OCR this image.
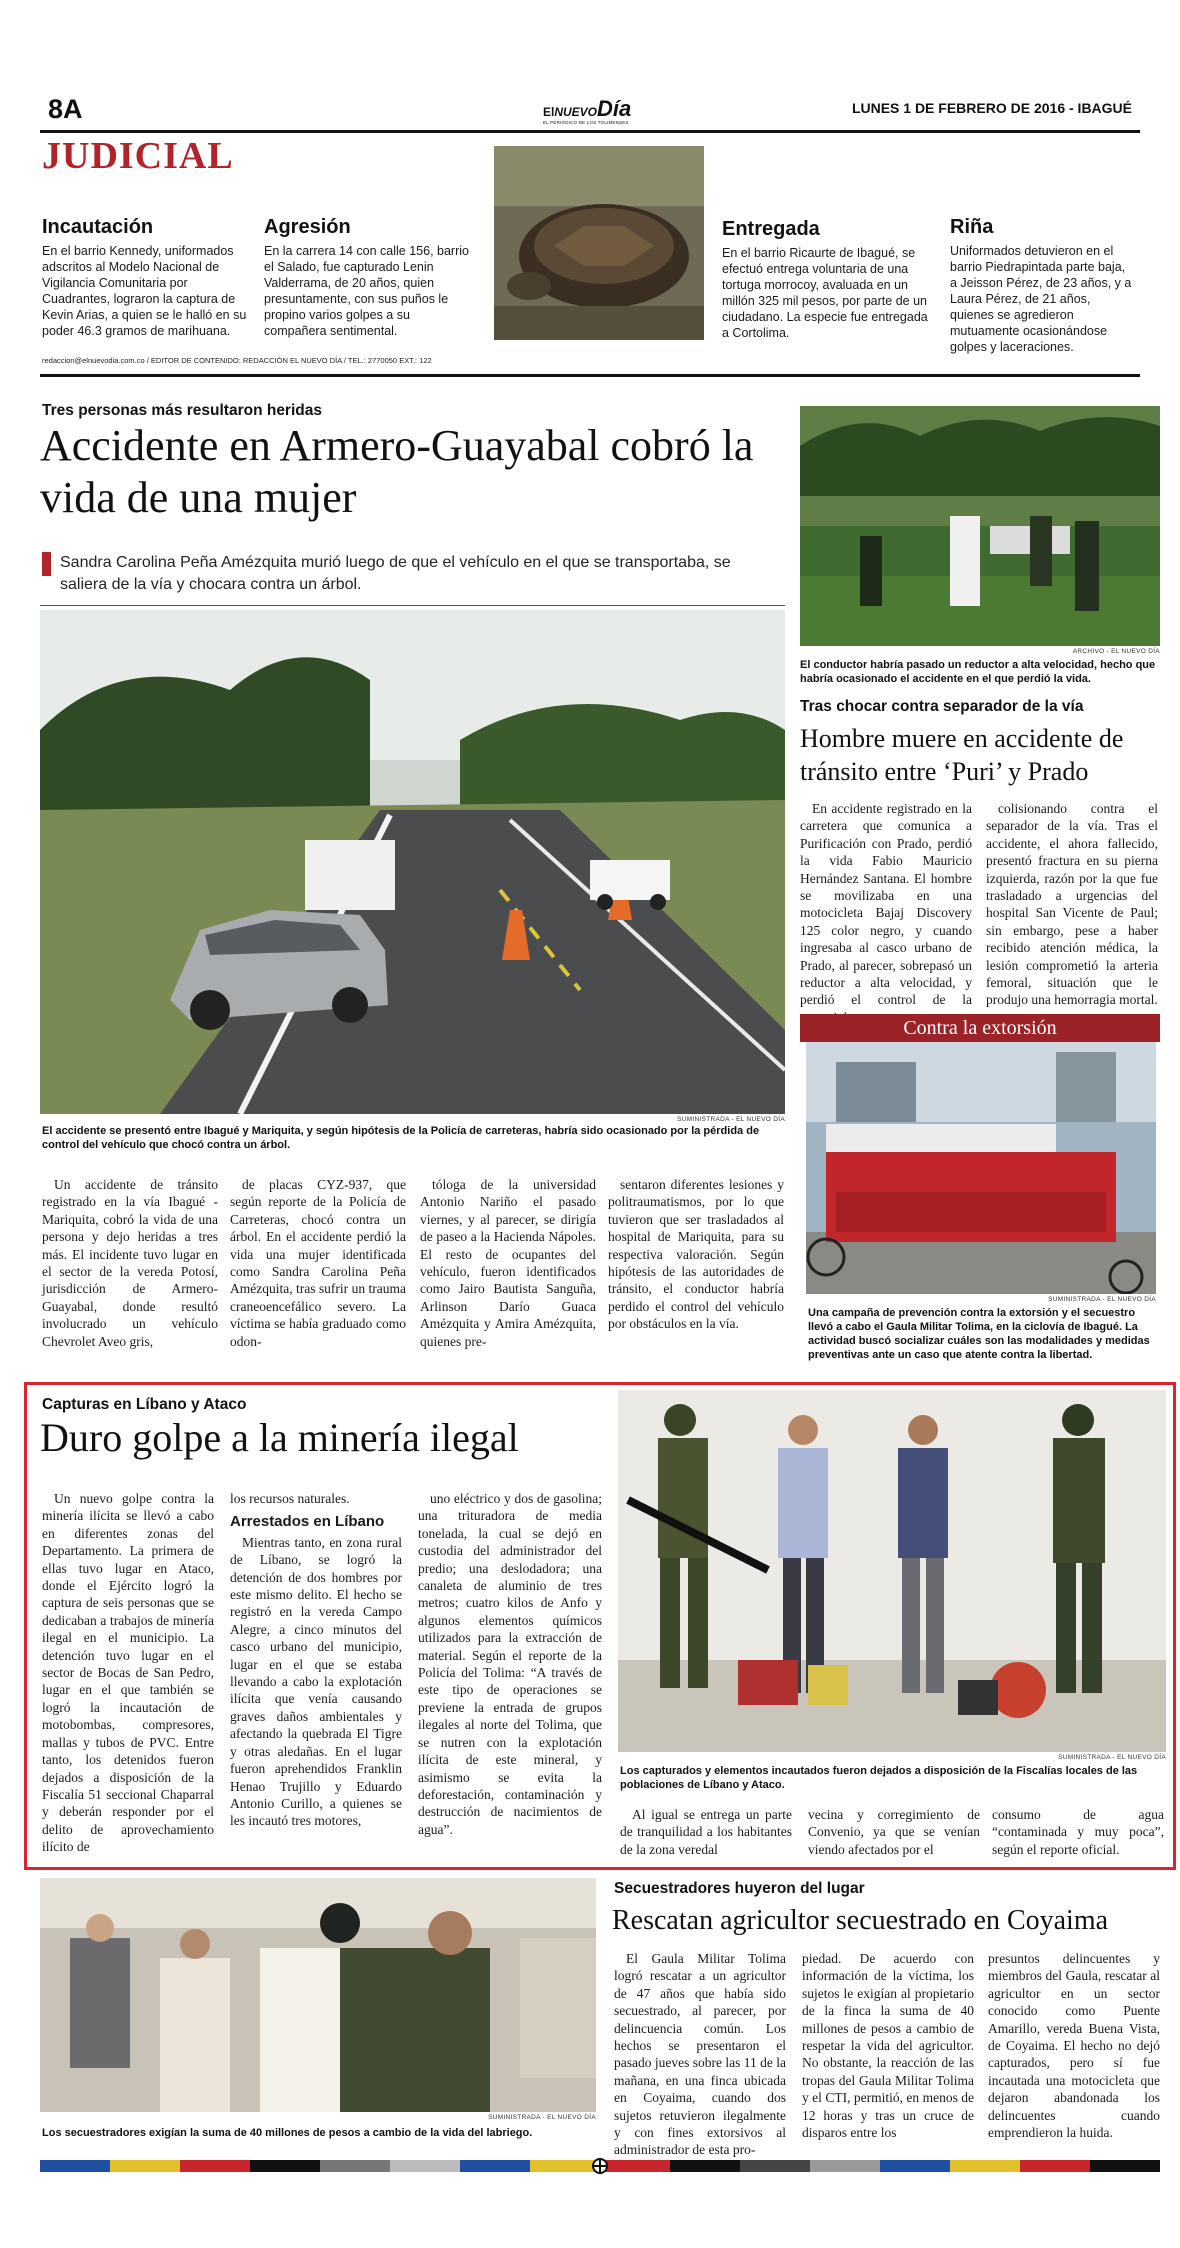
8A	ElNUEVODía
EL PERIÓDICO DE LOS TOLIMENSES
LUNES 1 DE FEBRERO DE 2016 - IBAGUÉ
JUDICIAL
Incautación
En el barrio Kennedy, uniformados adscritos al Modelo Nacional de Vigilancia Comunitaria por Cuadrantes, lograron la captura de Kevin Arias, a quien se le halló en su poder 46.3 gramos de marihuana.
Agresión
En la carrera 14 con calle 156, barrio el Salado, fue capturado Lenin Valderrama, de 20 años, quien presuntamente, con sus puños le propino varios golpes a su compañera sentimental.
Entregada
En el barrio Ricaurte de Ibagué, se efectuó entrega voluntaria de una tortuga morrocoy, avaluada en un millón 325 mil pesos, por parte de un ciudadano. La especie fue entregada a Cortolima.
Riña
Uniformados detuvieron en el barrio Piedrapintada parte baja, a Jeisson Pérez, de 23 años, y a Laura Pérez, de 21 años, quienes se agredieron mutuamente ocasionándose golpes y laceraciones.
redaccion@elnuevodia.com.co / EDITOR DE CONTENIDO: REDACCIÓN EL NUEVO DÍA / TEL.: 2770050 EXT.: 122
Tres personas más resultaron heridas
Accidente en Armero-Guayabal cobró la vida de una mujer
Sandra Carolina Peña Amézquita murió luego de que el vehículo en el que se transportaba, se saliera de la vía y chocara contra un árbol.
SUMINISTRADA - EL NUEVO DÍA
El accidente se presentó entre Ibagué y Mariquita, y según hipótesis de la Policía de carreteras, habría sido ocasionado por la pérdida de control del vehículo que chocó contra un árbol.

Un accidente de tránsito registrado en la vía Ibagué - Mariquita, cobró la vida de una persona y dejo heridas a tres más. El incidente tuvo lugar en el sector de la vereda Potosí, jurisdicción de Armero-Guayabal, donde resultó involucrado un vehículo Chevrolet Aveo gris,

de placas CYZ-937, que según reporte de la Policía de Carreteras, chocó contra un árbol. En el accidente perdió la vida una mujer identificada como Sandra Carolina Peña Amézquita, tras sufrir un trauma craneoencefálico severo. La víctima se había graduado como odon-

tóloga de la universidad Antonio Nariño el pasado viernes, y al parecer, se dirigía de paseo a la Hacienda Nápoles. El resto de ocupantes del vehículo, fueron identificados como Jairo Bautista Sanguña, Arlinson Darío Guaca Amézquita y Amira Amézquita, quienes pre-

sentaron diferentes lesiones y politraumatismos, por lo que tuvieron que ser trasladados al hospital de Mariquita, para su respectiva valoración. Según hipótesis de las autoridades de tránsito, el conductor habría perdido el control del vehículo por obstáculos en la vía.

ARCHIVO - EL NUEVO DÍA
El conductor habría pasado un reductor a alta velocidad, hecho que habría ocasionado el accidente en el que perdió la vida.
Tras chocar contra separador de la vía
Hombre muere en accidente de tránsito entre ‘Puri’ y Prado

En accidente registrado en la carretera que comunica a Purificación con Prado, perdió la vida Fabio Mauricio Hernández Santana. El hombre se movilizaba en una motocicleta Bajaj Discovery 125 color negro, y cuando ingresaba al casco urbano de Prado, al parecer, sobrepasó un reductor a alta velocidad, y perdió el control de la

colisionando contra el separador de la vía. Tras el accidente, el ahora fallecido, presentó fractura en su pierna izquierda, razón por la que fue trasladado a urgencias del hospital San Vicente de Paul; sin embargo, pese a haber recibido atención médica, la lesión comprometió la arteria femoral, situación que le produjo una hemorragia mortal.

Contra la extorsión
SUMINISTRADA - EL NUEVO DÍA
Una campaña de prevención contra la extorsión y el secuestro llevó a cabo el Gaula Militar Tolima, en la ciclovía de Ibagué. La actividad buscó socializar cuáles son las modalidades y medidas preventivas ante un caso que atente contra la libertad.
Capturas en Líbano y Ataco
Duro golpe a la minería ilegal

Un nuevo golpe contra la minería ilícita se llevó a cabo en diferentes zonas del Departamento. La primera de ellas tuvo lugar en Ataco, donde el Ejército logró la captura de seis personas que se dedicaban a trabajos de minería ilegal en el municipio. La detención tuvo lugar en el sector de Bocas de San Pedro, lugar en el que también se logró la incautación de motobombas, compresores, mallas y tubos de PVC. Entre tanto, los detenidos fueron dejados a disposición de la Fiscalía 51 seccional Chaparral y deberán responder por el delito de aprovechamiento ilícito de

los recursos naturales.
Arrestados en Líbano

Mientras tanto, en zona rural de Líbano, se logró la detención de dos hombres por este mismo delito. El hecho se registró en la vereda Campo Alegre, a cinco minutos del casco urbano del municipio, lugar en el que se estaba llevando a cabo la explotación ilícita que venía causando graves daños ambientales y afectando la quebrada El Tigre y otras aledañas. En el lugar fueron aprehendidos Franklin Henao Trujillo y Eduardo Antonio Curillo, a quienes se les incautó tres motores,

uno eléctrico y dos de gasolina; una trituradora de media tonelada, la cual se dejó en custodia del administrador del predio; una deslodadora; una canaleta de aluminio de tres metros; cuatro kilos de Anfo y algunos elementos químicos utilizados para la extracción de material. Según el reporte de la Policía del Tolima: “A través de este tipo de operaciones se previene la entrada de grupos ilegales al norte del Tolima, que se nutren con la explotación ilícita de este mineral, y asimismo se evita la deforestación, contaminación y destrucción de nacimientos de agua”.

SUMINISTRADA - EL NUEVO DÍA
Los capturados y elementos incautados fueron dejados a disposición de la Fiscalías locales de las poblaciones de Líbano y Ataco.

Al igual se entrega un parte de tranquilidad a los habitantes de la zona veredal

vecina y corregimiento de Convenio, ya que se venían viendo afectados por el

consumo de agua “contaminada y muy poca”, según el reporte oficial.

SUMINISTRADA - EL NUEVO DÍA
Los secuestradores exigían la suma de 40 millones de pesos a cambio de la vida del labriego.
Secuestradores huyeron del lugar
Rescatan agricultor secuestrado en Coyaima

El Gaula Militar Tolima logró rescatar a un agricultor de 47 años que había sido secuestrado, al parecer, por delincuencia común. Los hechos se presentaron el pasado jueves sobre las 11 de la mañana, en una finca ubicada en Coyaima, cuando dos sujetos retuvieron ilegalmente y con fines extorsivos al administrador de esta pro-

piedad. De acuerdo con información de la víctima, los sujetos le exigían al propietario de la finca la suma de 40 millones de pesos a cambio de respetar la vida del agricultor. No obstante, la reacción de las tropas del Gaula Militar Tolima y el CTI, permitió, en menos de 12 horas y tras un cruce de disparos entre los

presuntos delincuentes y miembros del Gaula, rescatar al agricultor en un sector conocido como Puente Amarillo, vereda Buena Vista, de Coyaima. El hecho no dejó capturados, pero sí fue incautada una motocicleta que dejaron abandonada los delincuentes cuando emprendieron la huida.
